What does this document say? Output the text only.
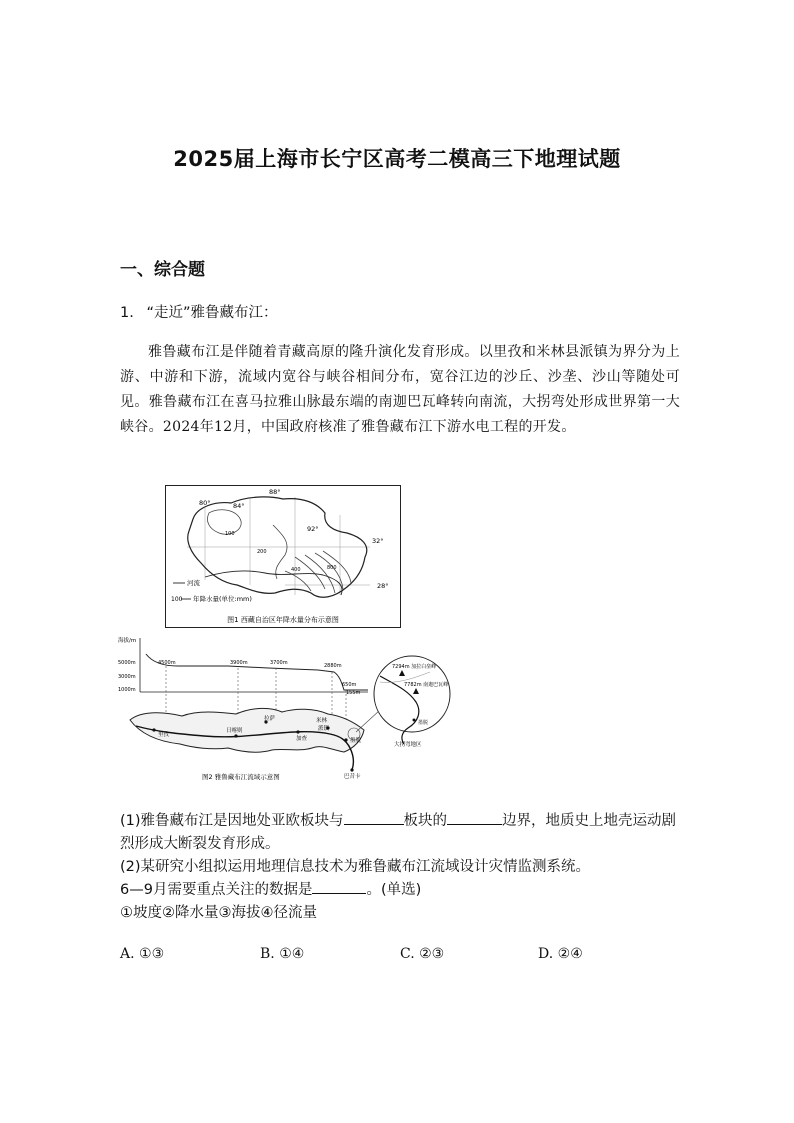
2025届上海市长宁区高考二模高三下地理试题
一、综合题
1. “走近”雅鲁藏布江：
雅鲁藏布江是伴随着青藏高原的隆升演化发育形成。以里孜和米林县派镇为界分为上游、中游和下游，流域内宽谷与峡谷相间分布，宽谷江边的沙丘、沙垄、沙山等随处可见。雅鲁藏布江在喜马拉雅山脉最东端的南迦巴瓦峰转向南流，大拐弯处形成世界第一大峡谷。2024年12月，中国政府核准了雅鲁藏布江下游水电工程的开发。
80°	84°
88°
92°
32°
28°
100
200
400	800
河流
100 年降水量(单位:mm)
图1 西藏自治区年降水量分布示意图
海拔/m
5000m
3000m
1000m
4500m	3900m	3700m	2880m
650m
155m
里孜
日喀则
拉萨	米林
派镇
加查	墨脱
巴昔卡
7294m 加拉白垒峰
7782m 南迦巴瓦峰
墨脱
大拐弯地区
图2 雅鲁藏布江流域示意图

(1)雅鲁藏布江是因地处亚欧板块与	板块的	边界，地质史上地壳运动剧烈形成大断裂发育形成。

(2)某研究小组拟运用地理信息技术为雅鲁藏布江流域设计灾情监测系统。

6—9月需要重点关注的数据是	。(单选)

①坡度②降水量③海拔④径流量

A. ①③	B. ①④	C. ②③	D. ②④
